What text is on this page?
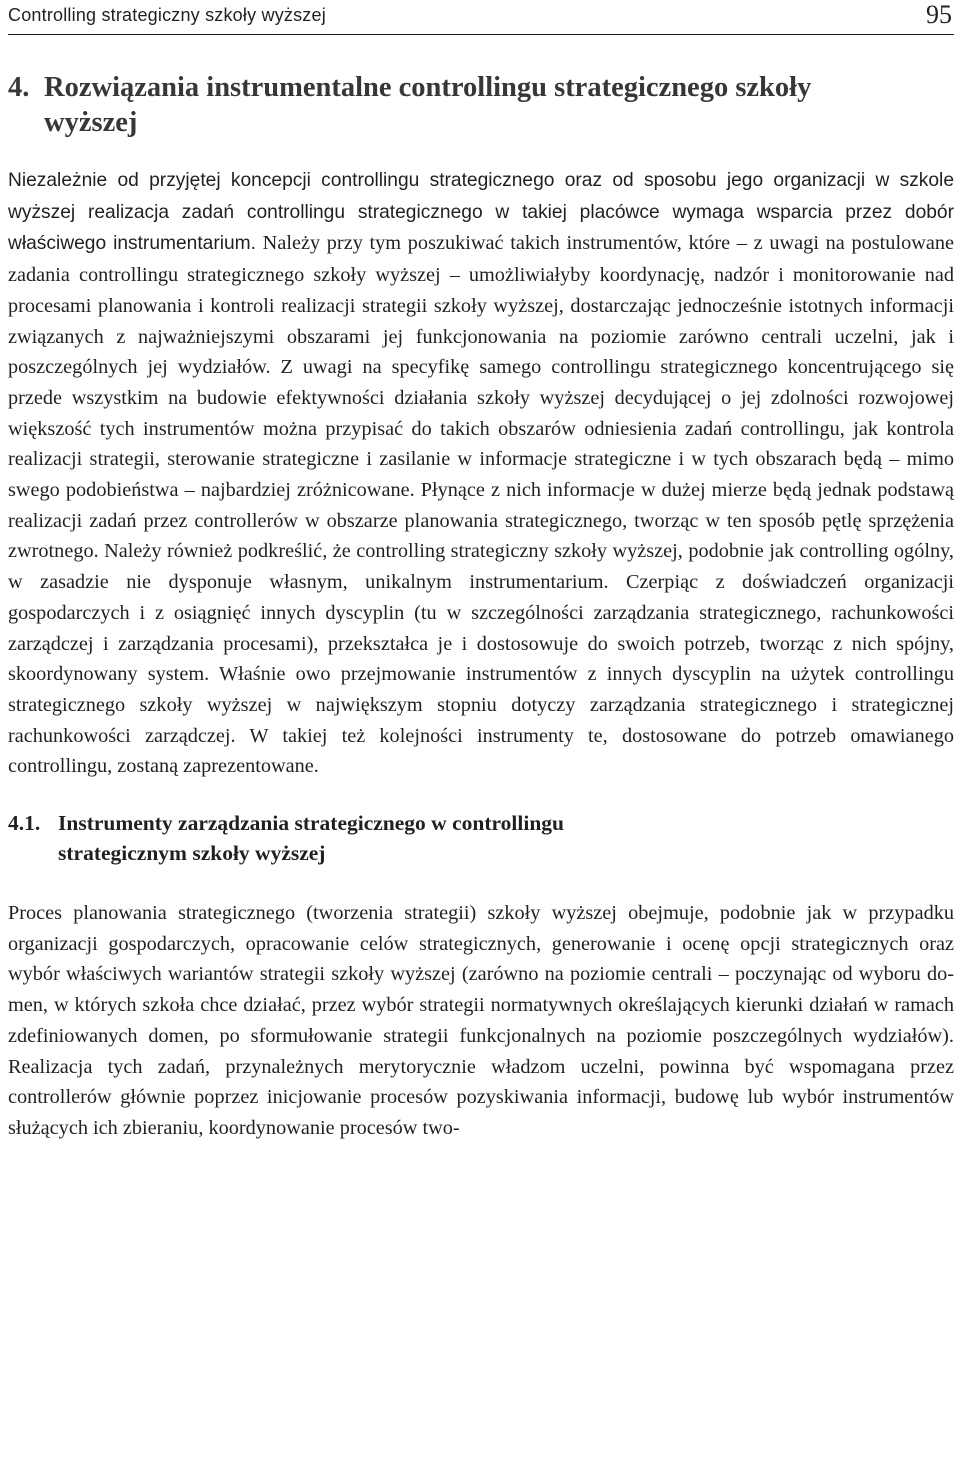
Controlling strategiczny szkoły wyższej	95
4. Rozwiązania instrumentalne controllingu strategicznego szkoły wyższej

Niezależnie od przyjętej koncepcji controllingu strategicznego oraz od sposobu jego organizacji w szkole wyższej realizacja zadań controllingu strategicznego w takiej placówce wymaga wsparcia przez dobór właściwego instrumentarium. Należy przy tym poszukiwać takich instrumentów, które – z uwagi na postulowane zadania controllingu strategicznego szkoły wyższej – umożliwiałyby koordynację, nadzór i monitorowanie nad procesami planowania i kontroli realizacji strategii szkoły wyższej, dostarczając jednocześnie istotnych informacji związanych z najważniejszymi obszarami jej funkcjonowania na poziomie zarówno centrali uczelni, jak i poszczególnych jej wydziałów. Z uwagi na specyfikę samego controllingu strategicznego koncentrującego się przede wszystkim na budowie efektywności działania szkoły wyższej decydującej o jej zdolności rozwojowej większość tych instrumentów można przypisać do takich obszarów odniesienia zadań controllingu, jak kontrola realizacji strategii, sterowanie strategiczne i zasilanie w informacje strategiczne i w tych obszarach będą – mimo swego podobieństwa – najbardziej zróżnicowane. Płynące z nich informacje w dużej mierze będą jednak podstawą realizacji zadań przez controllerów w obszarze planowania strategicznego, tworząc w ten sposób pętlę sprzężenia zwrotnego. Należy również podkreślić, że controlling strategiczny szkoły wyższej, podobnie jak controlling ogólny, w zasadzie nie dysponuje własnym, unikalnym instrumentarium. Czerpiąc z doświadczeń organizacji gospodarczych i z osiągnięć innych dyscyplin (tu w szczególności zarządzania strategicznego, rachunkowości zarządczej i zarządzania procesami), przekształca je i dostosowuje do swoich potrzeb, tworząc z nich spójny, skoordynowany system. Właśnie owo przejmowanie instrumentów z innych dyscyplin na użytek controllingu strategicznego szkoły wyższej w największym stopniu dotyczy zarządzania strategicznego i strategicznej rachunkowości zarządczej. W takiej też kolejności instrumenty te, dostosowane do potrzeb omawianego controllingu, zostaną zaprezentowane.

4.1. Instrumenty zarządzania strategicznego w controllingu strategicznym szkoły wyższej

Proces planowania strategicznego (tworzenia strategii) szkoły wyższej obejmuje, podobnie jak w przypadku organizacji gospodarczych, opracowanie celów strategicznych, generowanie i ocenę opcji strategicznych oraz wybór właściwych wariantów strategii szkoły wyższej (zarówno na poziomie centrali – poczynając od wyboru domen, w których szkoła chce działać, przez wybór strategii normatywnych określających kierunki działań w ramach zdefiniowanych domen, po sformułowanie strategii funkcjonalnych na poziomie poszczególnych wydziałów). Realizacja tych zadań, przynależnych merytorycznie władzom uczelni, powinna być wspomagana przez controllerów głównie poprzez inicjowanie procesów pozyskiwania informacji, budowę lub wybór instrumentów służących ich zbieraniu, koordynowanie procesów two-
